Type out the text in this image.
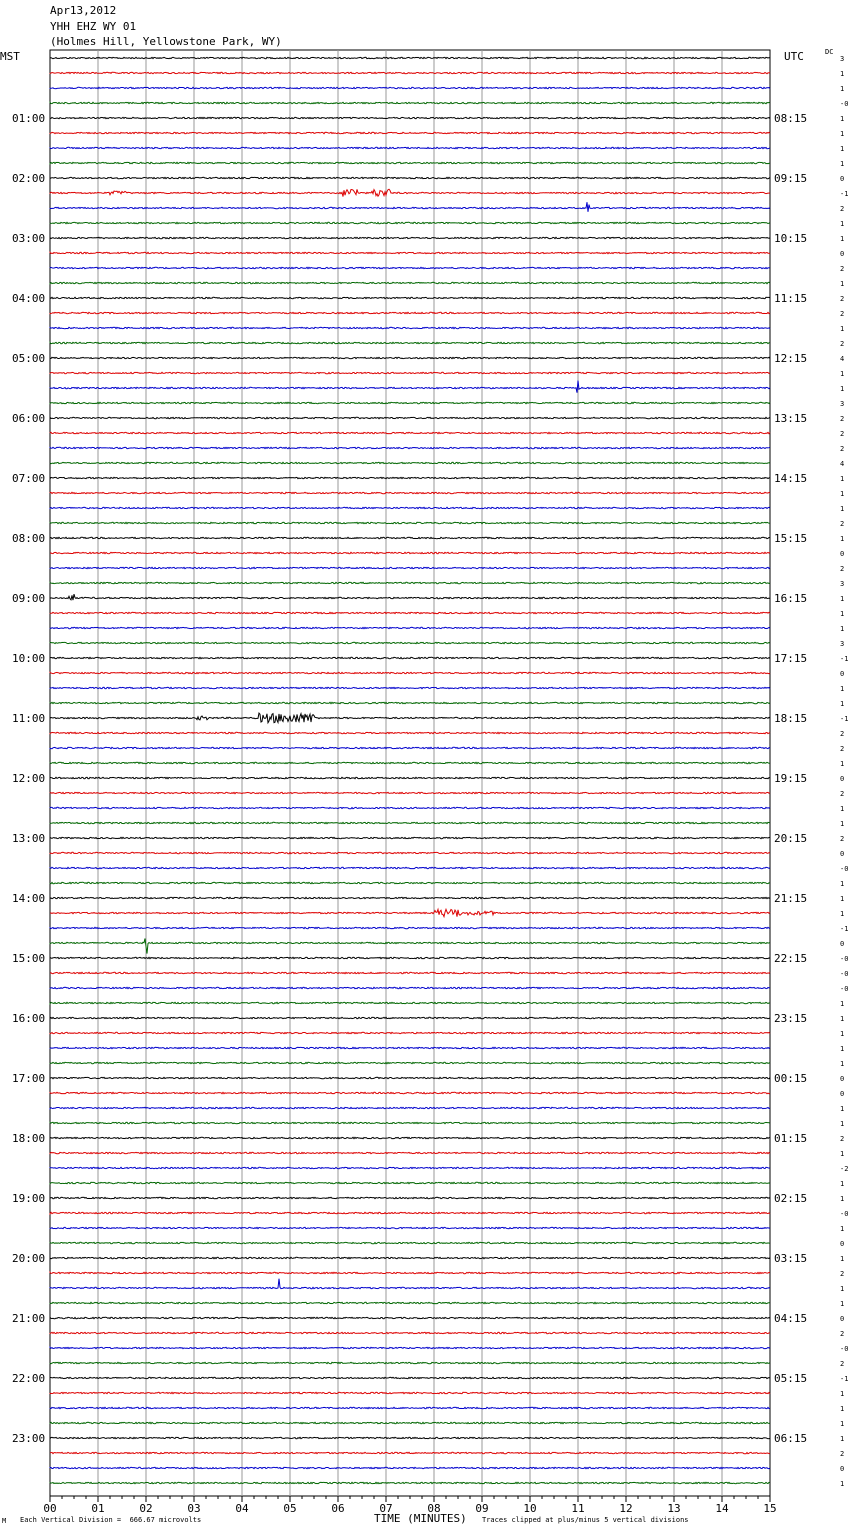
Apr13,2012
YHH EHZ WY 01
(Holmes Hill, Yellowstone Park, WY)
MST	UTC	DC
3
1
1
-0
1
1
1
1
0
-1
2
1
1
0
2
1
2
2
1
2
4
1
1
3
2
2
2
4
1
1
1
2
1
0
2
3
1
1
1
3
-1
0
1
1
-1
2
2
1
0
2
1
1
2
0
-0
1
1
1
-1
0
-0
-0
-0
1
1
1
1
1
0
0
1
1
2
1
-2
1
1
-0
1
0
1
2
1
1
0
2
-0
2
-1
1
1
1
1
2
0
1
01:00	08:15
02:00	09:15
03:00	10:15
04:00	11:15
05:00	12:15
06:00	13:15
07:00	14:15
08:00	15:15
09:00	16:15
10:00	17:15
11:00	18:15
12:00	19:15
13:00	20:15
14:00	21:15
15:00	22:15
16:00	23:15
17:00	00:15
18:00	01:15
19:00	02:15
20:00	03:15
21:00	04:15
22:00	05:15
23:00	06:15
00	01	02	03	04	05	06	07	08	09	10	11	12	13	14	15
M Each Vertical Division =  666.67 microvolts	TIME (MINUTES) Traces clipped at plus/minus 5 vertical divisions
